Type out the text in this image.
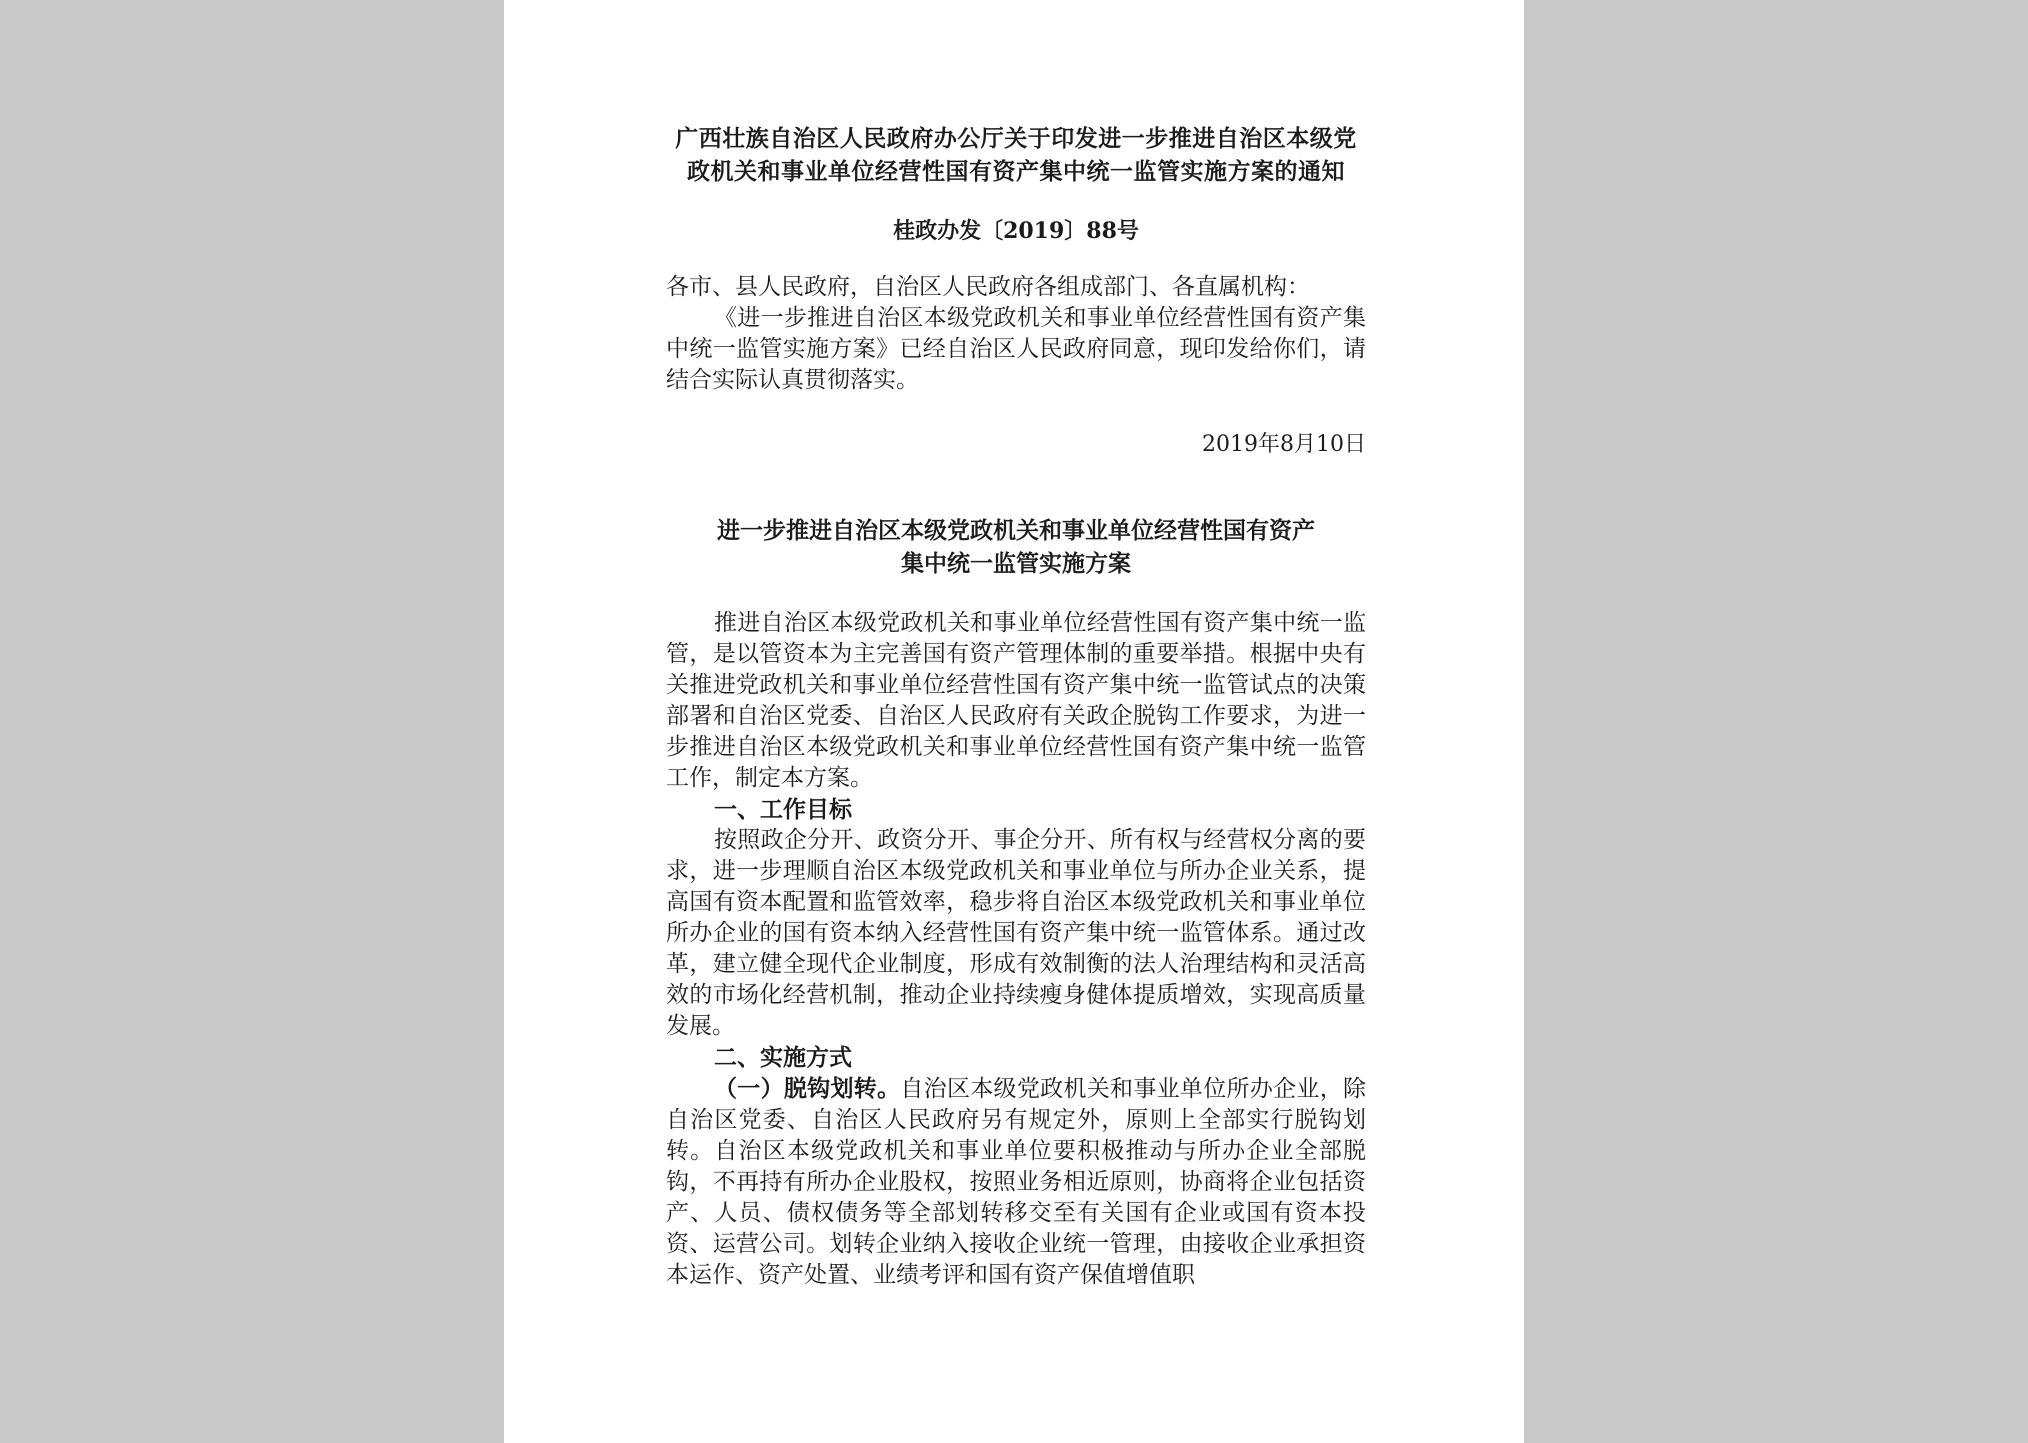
广西壮族自治区人民政府办公厅关于印发进一步推进自治区本级党政机关和事业单位经营性国有资产集中统一监管实施方案的通知

桂政办发〔2019〕88号

各市、县人民政府，自治区人民政府各组成部门、各直属机构：

《进一步推进自治区本级党政机关和事业单位经营性国有资产集中统一监管实施方案》已经自治区人民政府同意，现印发给你们，请结合实际认真贯彻落实。

2019年8月10日

进一步推进自治区本级党政机关和事业单位经营性国有资产
集中统一监管实施方案

推进自治区本级党政机关和事业单位经营性国有资产集中统一监管，是以管资本为主完善国有资产管理体制的重要举措。根据中央有关推进党政机关和事业单位经营性国有资产集中统一监管试点的决策部署和自治区党委、自治区人民政府有关政企脱钩工作要求，为进一步推进自治区本级党政机关和事业单位经营性国有资产集中统一监管工作，制定本方案。

一、工作目标

按照政企分开、政资分开、事企分开、所有权与经营权分离的要求，进一步理顺自治区本级党政机关和事业单位与所办企业关系，提高国有资本配置和监管效率，稳步将自治区本级党政机关和事业单位所办企业的国有资本纳入经营性国有资产集中统一监管体系。通过改革，建立健全现代企业制度，形成有效制衡的法人治理结构和灵活高效的市场化经营机制，推动企业持续瘦身健体提质增效，实现高质量发展。

二、实施方式

（一）脱钩划转。自治区本级党政机关和事业单位所办企业，除自治区党委、自治区人民政府另有规定外，原则上全部实行脱钩划转。自治区本级党政机关和事业单位要积极推动与所办企业全部脱钩，不再持有所办企业股权，按照业务相近原则，协商将企业包括资产、人员、债权债务等全部划转移交至有关国有企业或国有资本投资、运营公司。划转企业纳入接收企业统一管理，由接收企业承担资本运作、资产处置、业绩考评和国有资产保值增值职
